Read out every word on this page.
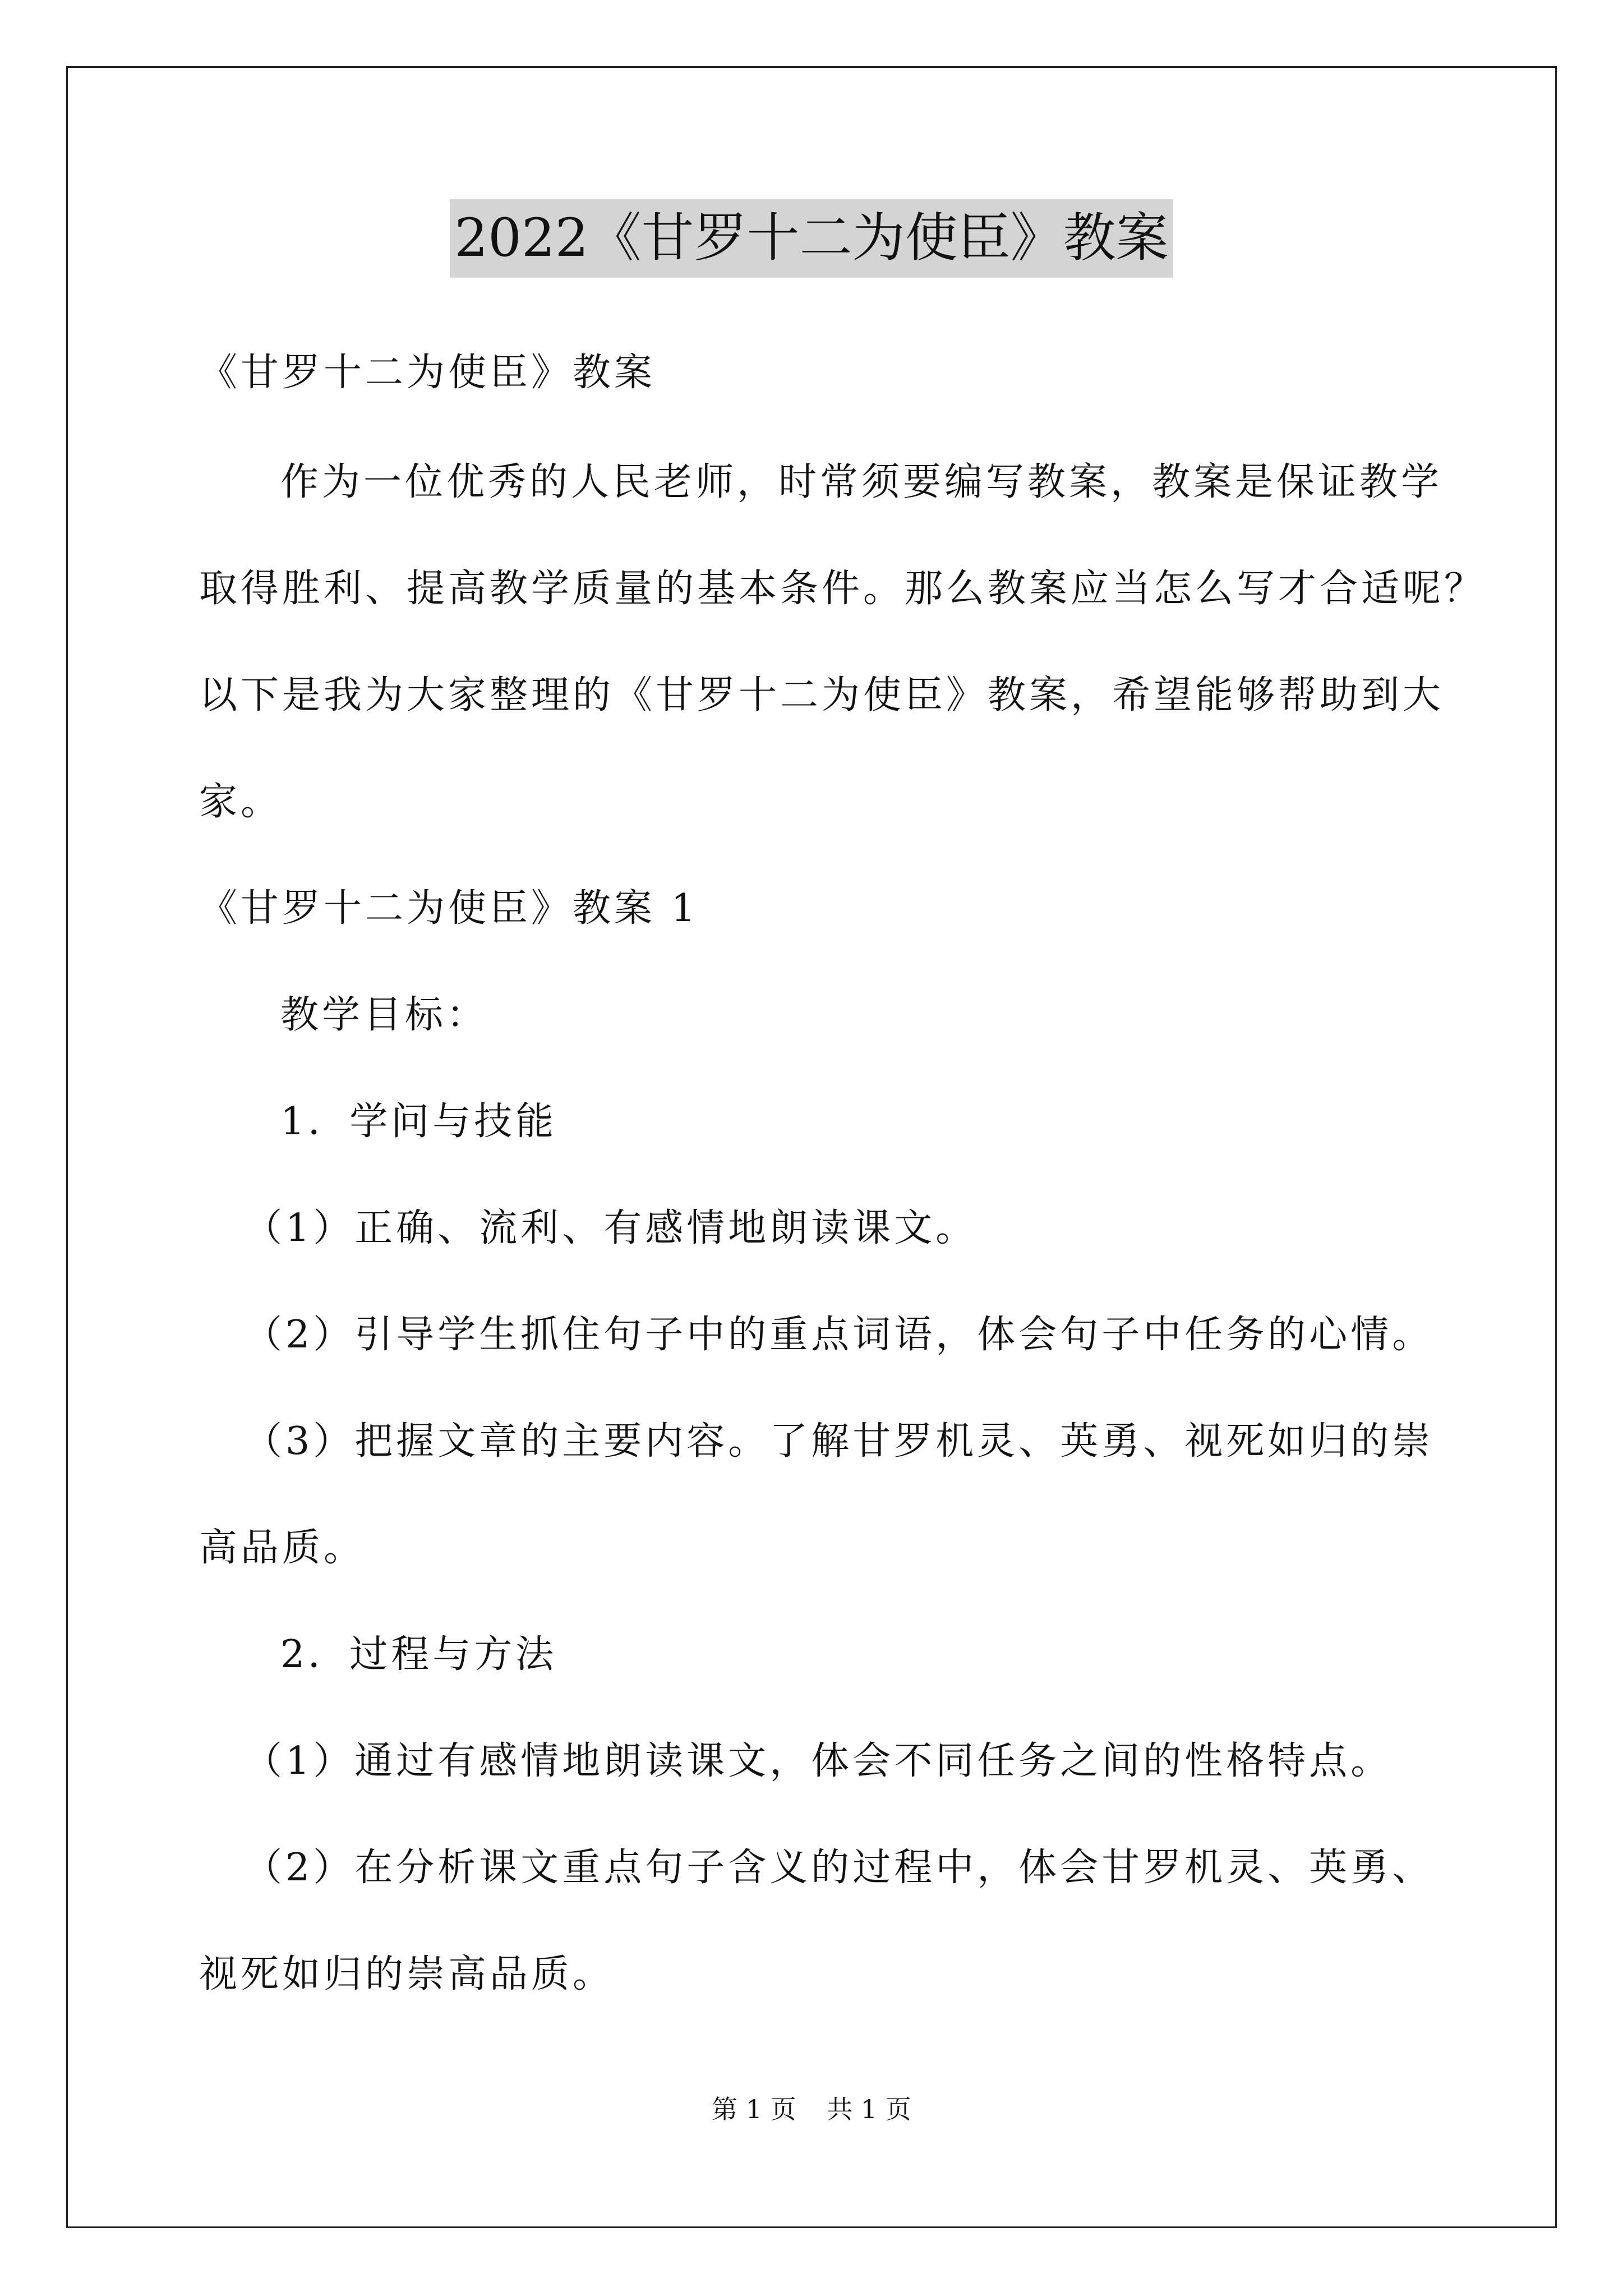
2022《甘罗十二为使臣》教案
《甘罗十二为使臣》教案
作为一位优秀的人民老师，时常须要编写教案，教案是保证教学
取得胜利、提高教学质量的基本条件。那么教案应当怎么写才合适呢？
以下是我为大家整理的《甘罗十二为使臣》教案，希望能够帮助到大
家。
《甘罗十二为使臣》教案 1
教学目标：
1．学问与技能
（1）正确、流利、有感情地朗读课文。
（2）引导学生抓住句子中的重点词语，体会句子中任务的心情。
（3）把握文章的主要内容。了解甘罗机灵、英勇、视死如归的崇
高品质。
2．过程与方法
（1）通过有感情地朗读课文，体会不同任务之间的性格特点。
（2）在分析课文重点句子含义的过程中，体会甘罗机灵、英勇、
视死如归的崇高品质。
第 1 页 共 1 页
